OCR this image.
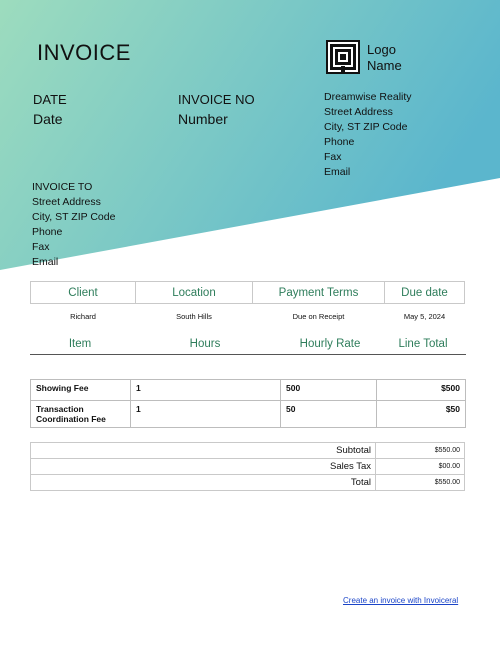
INVOICE
DATE
Date
INVOICE NO
Number
Logo
Name
Dreamwise Reality
Street Address
City, ST ZIP Code
Phone
Fax
Email
INVOICE TO
Street Address
City, ST ZIP Code
Phone
Fax
Email
Client	Location	Payment Terms	Due date
Richard	South Hills	Due on Receipt	May 5, 2024
Item	Hours	Hourly Rate	Line Total
Showing Fee	1	500	$500
Transaction Coordination Fee	1	50	$50
Subtotal	$550.00
Sales Tax	$00.00
Total	$550.00
Create an invoice with Invoiceral
